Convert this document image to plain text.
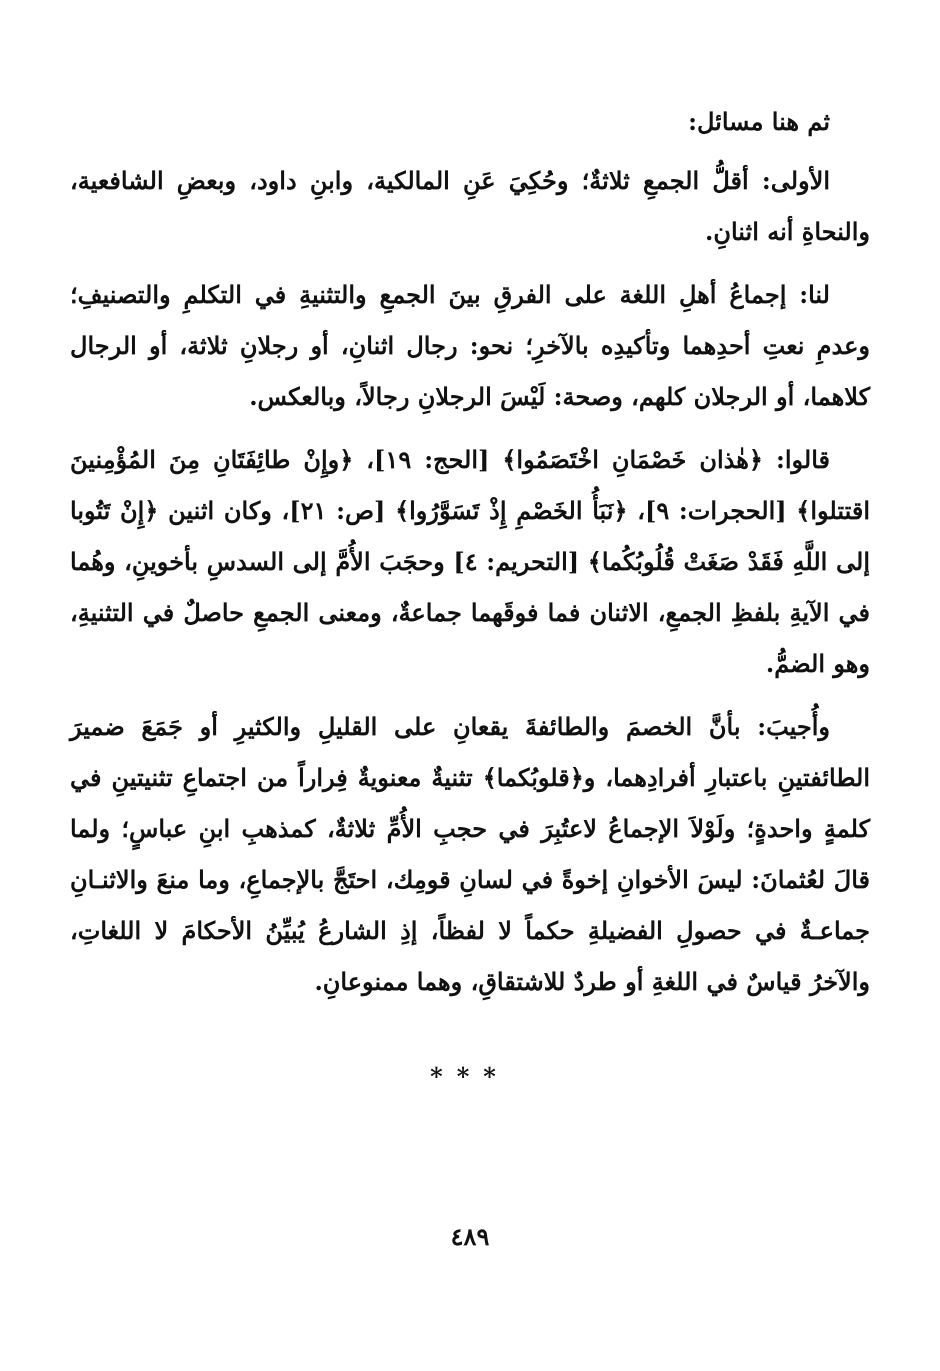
ثم هنا مسائل:

الأولى: أقلُّ الجمعِ ثلاثةٌ؛ وحُكِيَ عَنِ المالكية، وابنِ داود، وبعضِ الشافعية، والنحاةِ أنه اثنانِ.

لنا: إجماعُ أهلِ اللغة على الفرقِ بينَ الجمعِ والتثنيةِ في التكلمِ والتصنيفِ؛ وعدمِ نعتِ أحدِهما وتأكيدِه بالآخرِ؛ نحو: رجال اثنانِ، أو رجلانِ ثلاثة، أو الرجال كلاهما، أو الرجلان كلهم، وصحة: لَيْسَ الرجلانِ رجالاً، وبالعكس.

قالوا: ﴿هٰذان خَصْمَانِ اخْتَصَمُوا﴾ [الحج: ١٩]، ﴿وإِنْ طائِفَتَانِ مِنَ المُؤْمِنينَ اقتتلوا﴾ [الحجرات: ٩]، ﴿نَبَأُ الخَصْمِ إِذْ تَسَوَّرُوا﴾ [ص: ٢١]، وكان اثنين ﴿إِنْ تَتُوبا إلى اللَّهِ فَقَدْ صَغَتْ قُلُوبُكُما﴾ [التحريم: ٤] وحجَبَ الأُمَّ إلى السدسِ بأخوينِ، وهُما في الآيةِ بلفظِ الجمعِ، الاثنان فما فوقَهما جماعةٌ، ومعنى الجمعِ حاصلٌ في التثنيةِ، وهو الضمُّ.

وأُجيبَ: بأنَّ الخصمَ والطائفةَ يقعانِ على القليلِ والكثيرِ أو جَمَعَ ضميرَ الطائفتينِ باعتبارِ أفرادِهما، و﴿قلوبُكما﴾ تثنيةٌ معنويةٌ فِراراً من اجتماعِ تثنيتينِ في كلمةٍ واحدةٍ؛ ولَوْلاَ الإجماعُ لاعتُبِرَ في حجبِ الأُمِّ ثلاثةٌ، كمذهبِ ابنِ عباسٍ؛ ولما قالَ لعُثمانَ: ليسَ الأخوانِ إخوةً في لسانِ قومِك، احتَجَّ بالإجماعِ، وما منعَ والاثنـانِ جماعـةٌ في حصولِ الفضيلةِ حكماً لا لفظاً، إذِ الشارعُ يُبيِّنُ الأحكامَ لا اللغاتِ، والآخرُ قياسٌ في اللغةِ أو طردٌ للاشتقاقِ، وهما ممنوعانِ.

***
٤٨٩
